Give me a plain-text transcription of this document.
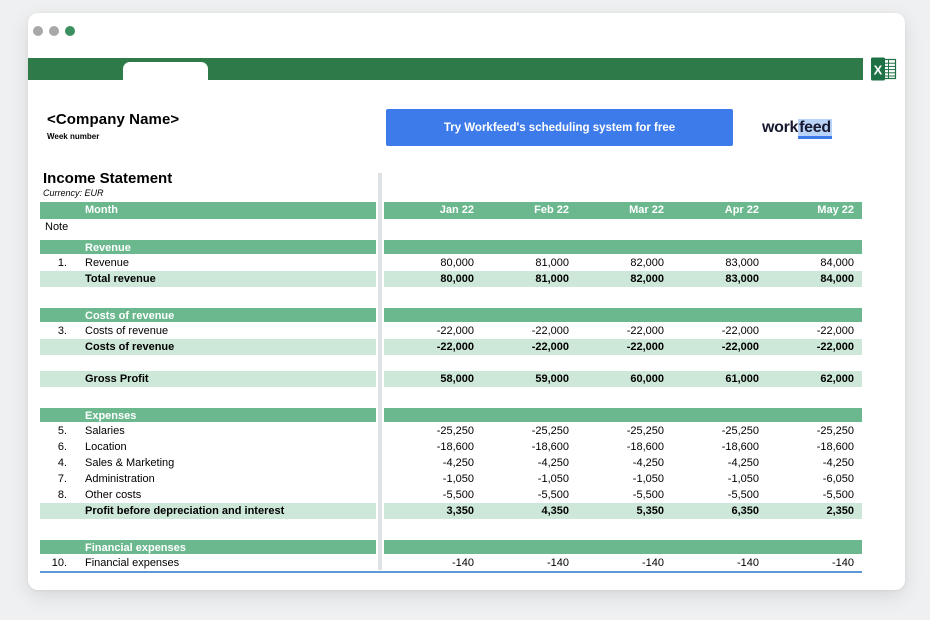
X
<Company Name>
Week number
Try Workfeed's scheduling system for free	workfeed
Income Statement
Currency: EUR
Month	Jan 22	Feb 22	Mar 22	Apr 22	May 22
Note
Revenue
1.	Revenue	80,000	81,000	82,000	83,000	84,000
Total revenue	80,000	81,000	82,000	83,000	84,000
Costs of revenue
3.	Costs of revenue	-22,000	-22,000	-22,000	-22,000	-22,000
Costs of revenue	-22,000	-22,000	-22,000	-22,000	-22,000
Gross Profit	58,000	59,000	60,000	61,000	62,000
Expenses
5.	Salaries	-25,250	-25,250	-25,250	-25,250	-25,250
6.	Location	-18,600	-18,600	-18,600	-18,600	-18,600
4.	Sales & Marketing	-4,250	-4,250	-4,250	-4,250	-4,250
7.	Administration	-1,050	-1,050	-1,050	-1,050	-6,050
8.	Other costs	-5,500	-5,500	-5,500	-5,500	-5,500
Profit before depreciation and interest	3,350	4,350	5,350	6,350	2,350
Financial expenses
10.	Financial expenses	-140	-140	-140	-140	-140
